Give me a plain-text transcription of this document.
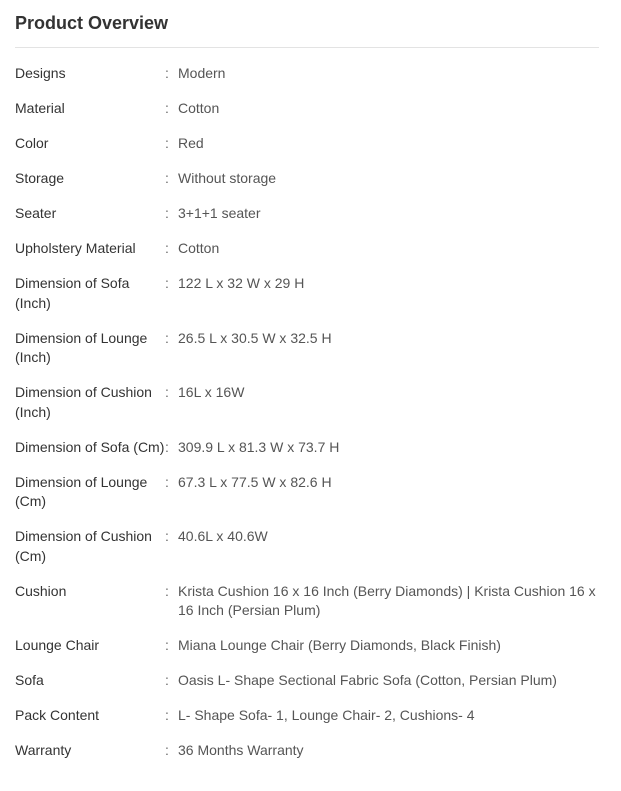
Product Overview
Designs	: Modern
Material	: Cotton
Color	: Red
Storage	: Without storage
Seater	: 3+1+1 seater
Upholstery Material	: Cotton
Dimension of Sofa (Inch)
: 122 L x 32 W x 29 H
Dimension of Lounge (Inch)
: 26.5 L x 30.5 W x 32.5 H
Dimension of Cushion (Inch)
: 16L x 16W
Dimension of Sofa (Cm) : 309.9 L x 81.3 W x 73.7 H
Dimension of Lounge (Cm)
: 67.3 L x 77.5 W x 82.6 H
Dimension of Cushion (Cm)
: 40.6L x 40.6W
Cushion	: Krista Cushion 16 x 16 Inch (Berry Diamonds) | Krista Cushion 16 x 16 Inch (Persian Plum)
Lounge Chair	: Miana Lounge Chair (Berry Diamonds, Black Finish)
Sofa	: Oasis L- Shape Sectional Fabric Sofa (Cotton, Persian Plum)
Pack Content	: L- Shape Sofa- 1, Lounge Chair- 2, Cushions- 4
Warranty	: 36 Months Warranty
